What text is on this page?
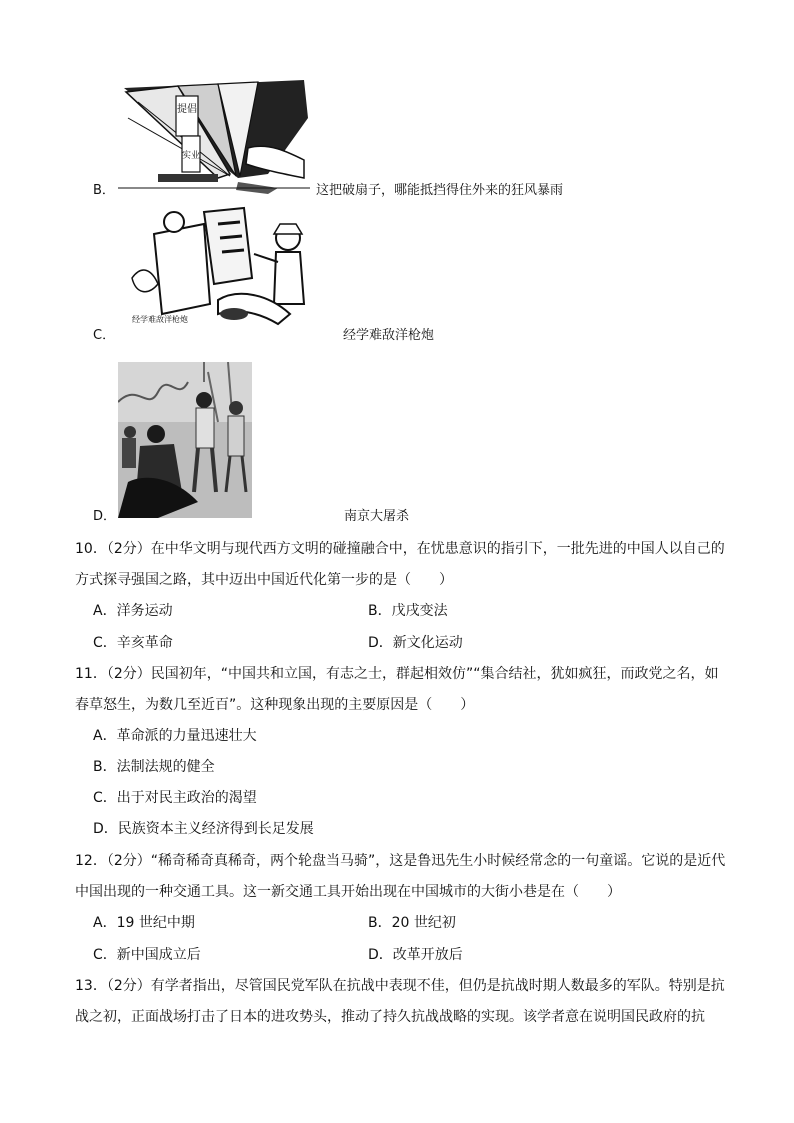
提倡
实业
B．	这把破扇子，哪能抵挡得住外来的狂风暴雨
经学难敌洋枪炮
C．	经学难敌洋枪炮
D．	南京大屠杀
10．（2分）在中华文明与现代西方文明的碰撞融合中，在忧患意识的指引下，一批先进的中国人以自己的
方式探寻强国之路，其中迈出中国近代化第一步的是（　　）
A．洋务运动	B．戊戌变法
C．辛亥革命	D．新文化运动
11．（2分）民国初年，“中国共和立国，有志之士，群起相效仿”“集合结社，犹如疯狂，而政党之名，如
春草怒生，为数几至近百”。这种现象出现的主要原因是（　　）
A．革命派的力量迅速壮大
B．法制法规的健全
C．出于对民主政治的渴望
D．民族资本主义经济得到长足发展
12．（2分）“稀奇稀奇真稀奇，两个轮盘当马骑”，这是鲁迅先生小时候经常念的一句童谣。它说的是近代
中国出现的一种交通工具。这一新交通工具开始出现在中国城市的大街小巷是在（　　）
A．19 世纪中期	B．20 世纪初
C．新中国成立后	D．改革开放后
13．（2分）有学者指出，尽管国民党军队在抗战中表现不佳，但仍是抗战时期人数最多的军队。特别是抗
战之初，正面战场打击了日本的进攻势头，推动了持久抗战战略的实现。该学者意在说明国民政府的抗
